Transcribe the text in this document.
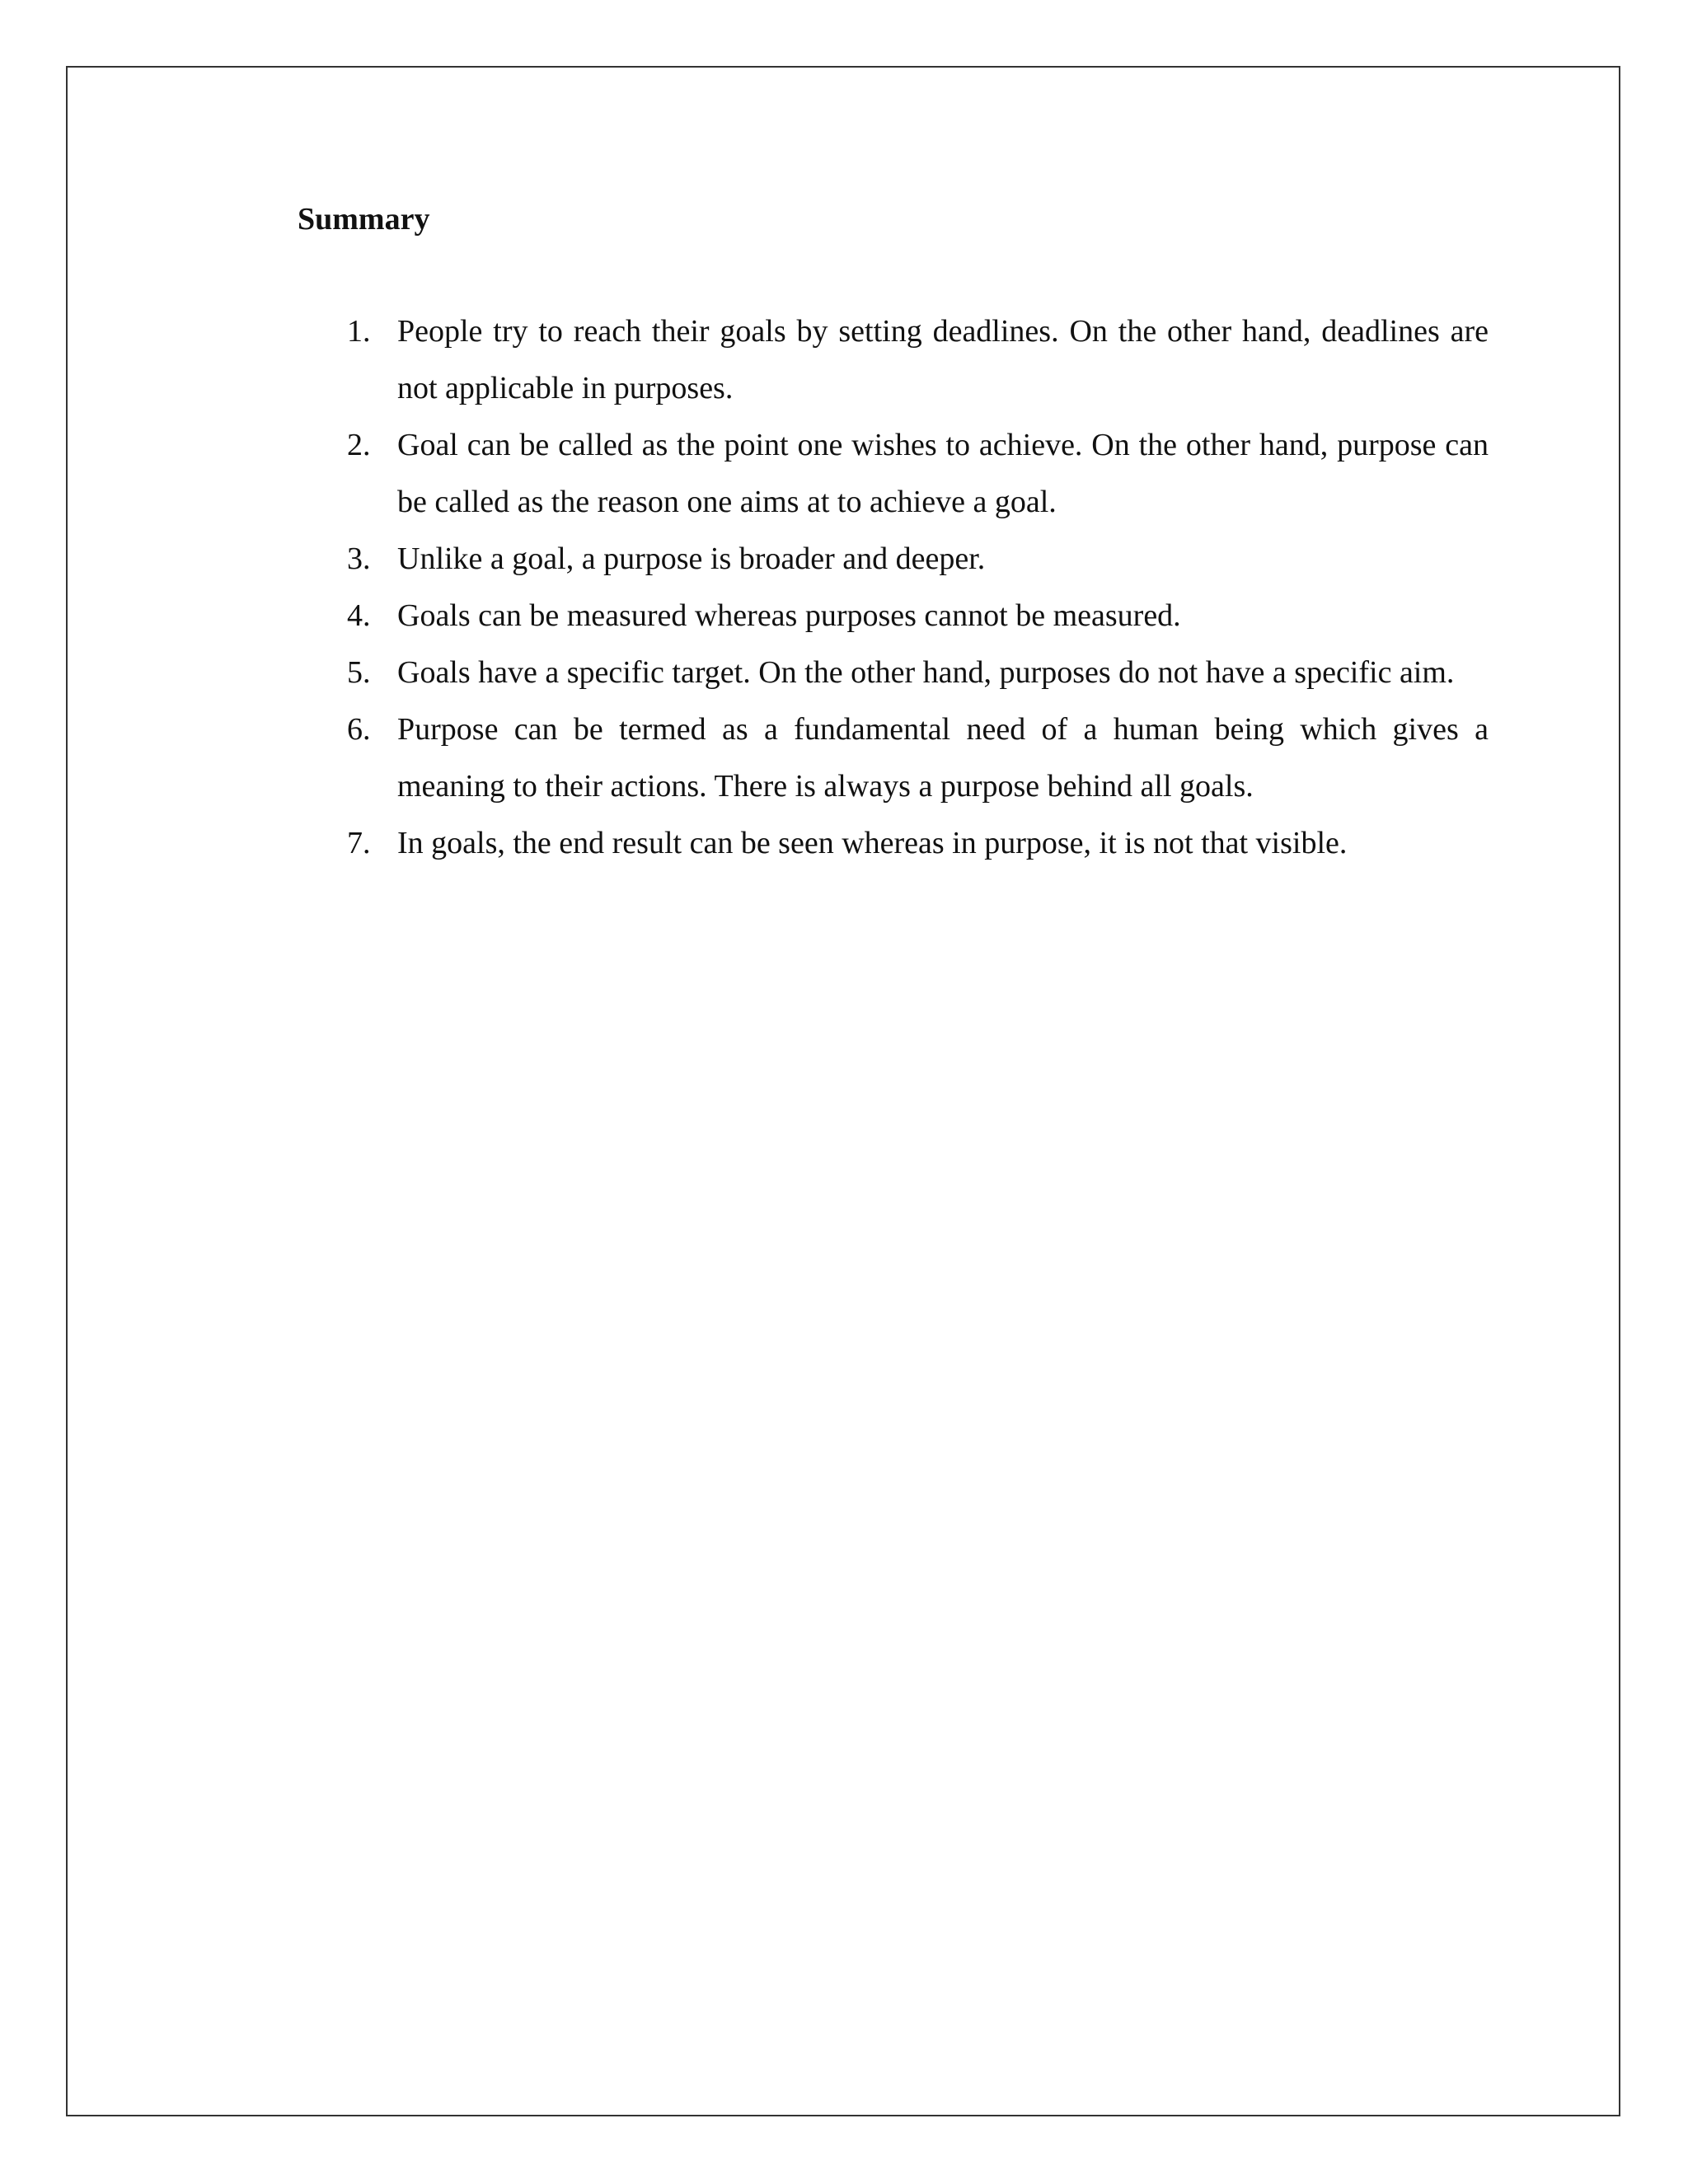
Summary
1. People try to reach their goals by setting deadlines. On the other hand, deadlines are not applicable in purposes.
2. Goal can be called as the point one wishes to achieve. On the other hand, purpose can be called as the reason one aims at to achieve a goal.
3. Unlike a goal, a purpose is broader and deeper.
4. Goals can be measured whereas purposes cannot be measured.
5. Goals have a specific target. On the other hand, purposes do not have a specific aim.
6. Purpose can be termed as a fundamental need of a human being which gives a meaning to their actions. There is always a purpose behind all goals.
7. In goals, the end result can be seen whereas in purpose, it is not that visible.
